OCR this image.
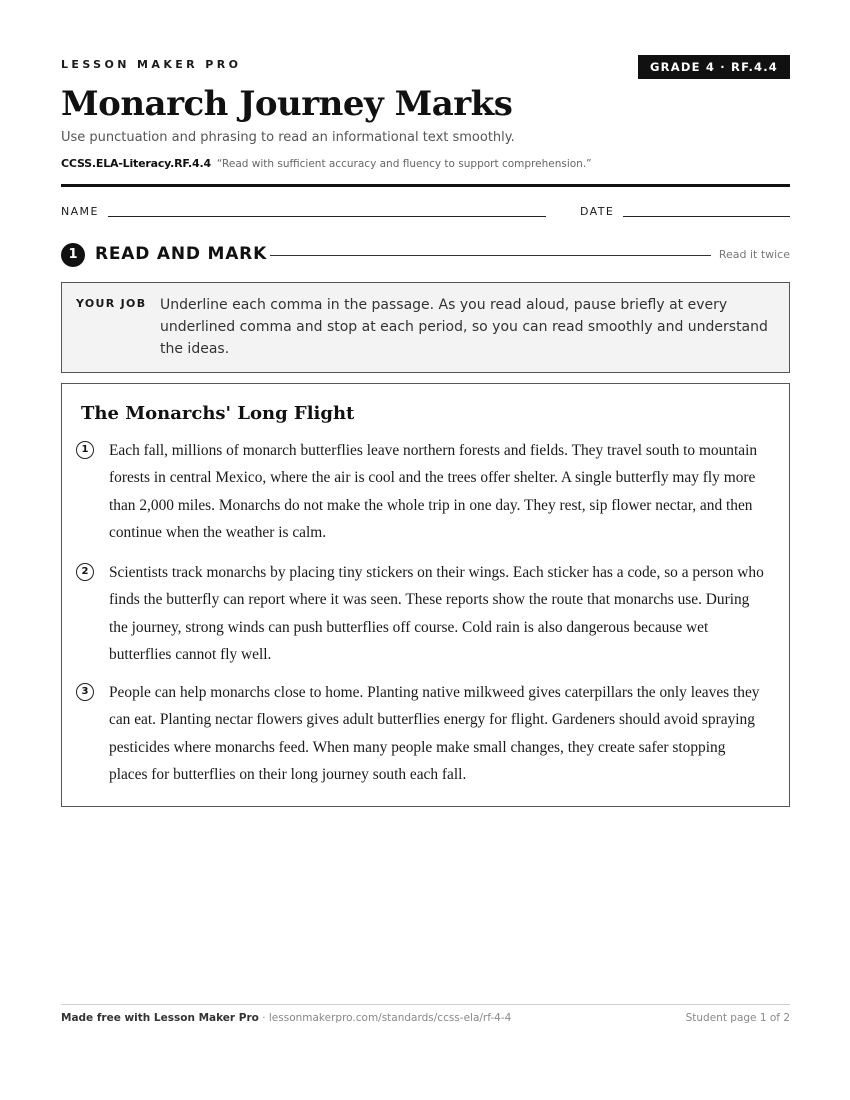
LESSON MAKER PRO	GRADE 4 · RF.4.4
Monarch Journey Marks
Use punctuation and phrasing to read an informational text smoothly.
CCSS.ELA-Literacy.RF.4.4 “Read with sufficient accuracy and fluency to support comprehension.”
NAME	DATE
1	READ AND MARK	Read it twice
YOUR JOB Underline each comma in the passage. As you read aloud, pause briefly at every underlined comma and stop at each period, so you can read smoothly and understand the ideas.
The Monarchs' Long Flight
1	Each fall, millions of monarch butterflies leave northern forests and fields. They travel south to mountain forests in central Mexico, where the air is cool and the trees offer shelter. A single butterfly may fly more than 2,000 miles. Monarchs do not make the whole trip in one day. They rest, sip flower nectar, and then continue when the weather is calm.
2	Scientists track monarchs by placing tiny stickers on their wings. Each sticker has a code, so a person who finds the butterfly can report where it was seen. These reports show the route that monarchs use. During the journey, strong winds can push butterflies off course. Cold rain is also dangerous because wet butterflies cannot fly well.
3	People can help monarchs close to home. Planting native milkweed gives caterpillars the only leaves they can eat. Planting nectar flowers gives adult butterflies energy for flight. Gardeners should avoid spraying pesticides where monarchs feed. When many people make small changes, they create safer stopping places for butterflies on their long journey south each fall.
Made free with Lesson Maker Pro · lessonmakerpro.com/standards/ccss-ela/rf-4-4	Student page 1 of 2
